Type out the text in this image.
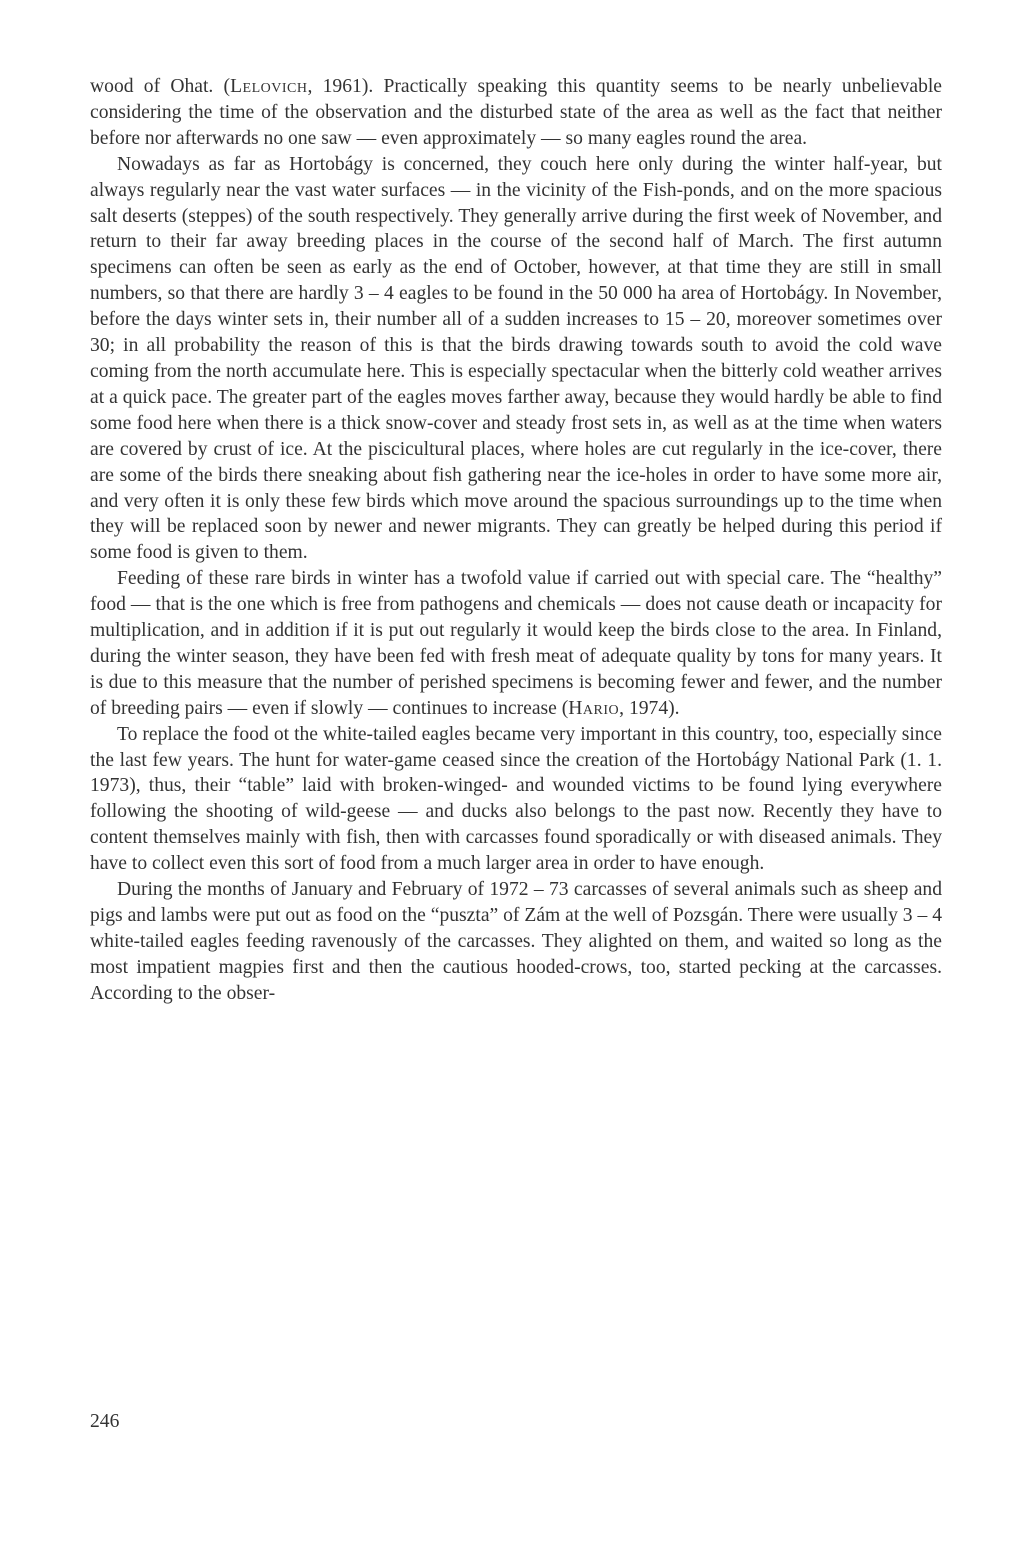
wood of Ohat. (Lelovich, 1961). Practically speaking this quantity seems to be nearly unbelievable considering the time of the observation and the disturbed state of the area as well as the fact that neither before nor afterwards no one saw — even approximately — so many eagles round the area.

Nowadays as far as Hortobágy is concerned, they couch here only during the winter half-year, but always regularly near the vast water surfaces — in the vicinity of the Fish-ponds, and on the more spacious salt deserts (steppes) of the south respectively. They generally arrive during the first week of November, and return to their far away breeding places in the course of the second half of March. The first autumn specimens can often be seen as early as the end of October, however, at that time they are still in small numbers, so that there are hardly 3 – 4 eagles to be found in the 50 000 ha area of Hortobágy. In November, before the days winter sets in, their number all of a sudden increases to 15 – 20, moreover sometimes over 30; in all probability the reason of this is that the birds drawing towards south to avoid the cold wave coming from the north accumulate here. This is especially spectacular when the bitterly cold weather arrives at a quick pace. The greater part of the eagles moves farther away, because they would hardly be able to find some food here when there is a thick snow-cover and steady frost sets in, as well as at the time when waters are covered by crust of ice. At the piscicultural places, where holes are cut regularly in the ice-cover, there are some of the birds there sneaking about fish gathering near the ice-holes in order to have some more air, and very often it is only these few birds which move around the spacious surroundings up to the time when they will be replaced soon by newer and newer migrants. They can greatly be helped during this period if some food is given to them.

Feeding of these rare birds in winter has a twofold value if carried out with special care. The “healthy” food — that is the one which is free from pathogens and chemicals — does not cause death or incapacity for multiplication, and in addition if it is put out regularly it would keep the birds close to the area. In Finland, during the winter season, they have been fed with fresh meat of adequate quality by tons for many years. It is due to this measure that the number of perished specimens is becoming fewer and fewer, and the number of breeding pairs — even if slowly — continues to increase (Hario, 1974).

To replace the food ot the white-tailed eagles became very important in this country, too, especially since the last few years. The hunt for water-game ceased since the creation of the Hortobágy National Park (1. 1. 1973), thus, their “table” laid with broken-winged- and wounded victims to be found lying everywhere following the shooting of wild-geese — and ducks also belongs to the past now. Recently they have to content themselves mainly with fish, then with carcasses found sporadically or with diseased animals. They have to collect even this sort of food from a much larger area in order to have enough.

During the months of January and February of 1972 – 73 carcasses of several animals such as sheep and pigs and lambs were put out as food on the “puszta” of Zám at the well of Pozsgán. There were usually 3 – 4 white-tailed eagles feeding ravenously of the carcasses. They alighted on them, and waited so long as the most impatient magpies first and then the cautious hooded-crows, too, started pecking at the carcasses. According to the obser-

246
